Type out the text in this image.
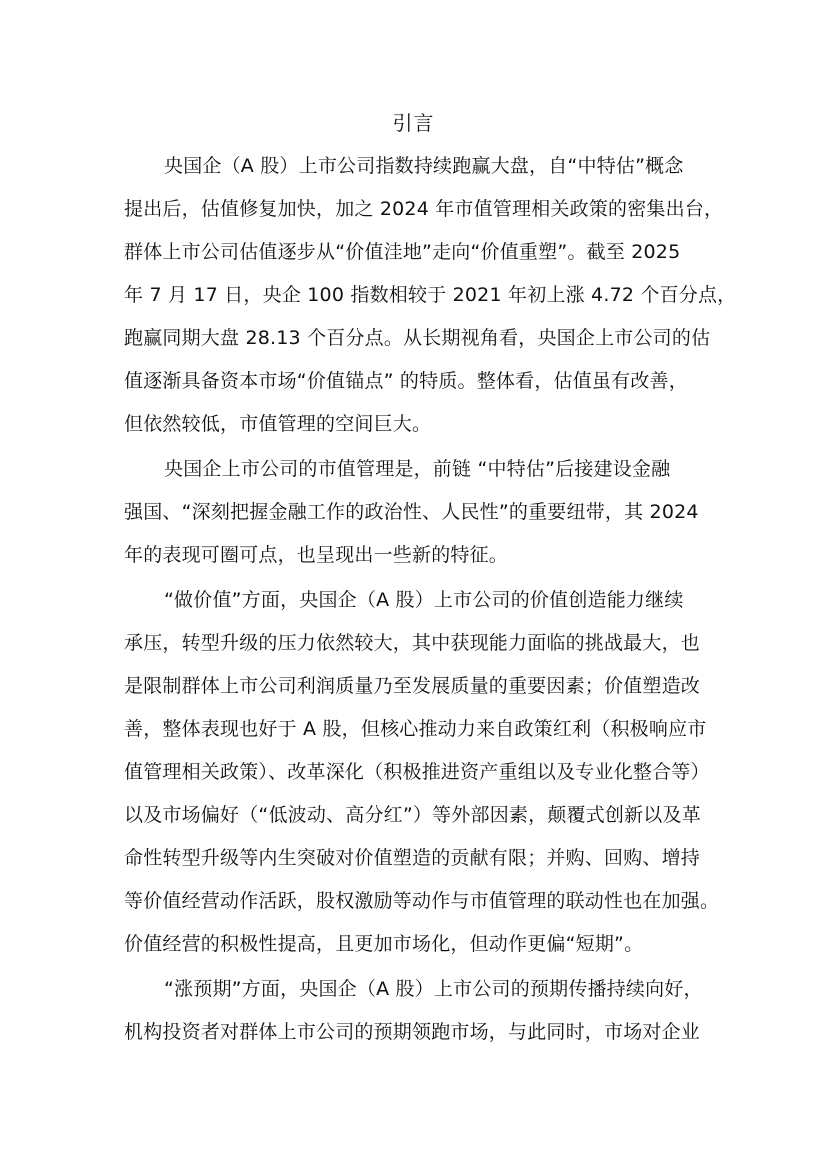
引言
央国企（A 股）上市公司指数持续跑赢大盘，自“中特估”概念
提出后，估值修复加快，加之 2024 年市值管理相关政策的密集出台，
群体上市公司估值逐步从“价值洼地”走向“价值重塑”。截至 2025
年 7 月 17 日，央企 100 指数相较于 2021 年初上涨 4.72 个百分点，
跑赢同期大盘 28.13 个百分点。从长期视角看，央国企上市公司的估
值逐渐具备资本市场“价值锚点” 的特质。整体看，估值虽有改善，
但依然较低，市值管理的空间巨大。
央国企上市公司的市值管理是，前链 “中特估”后接建设金融
强国、“深刻把握金融工作的政治性、人民性”的重要纽带，其 2024
年的表现可圈可点，也呈现出一些新的特征。
“做价值”方面，央国企（A 股）上市公司的价值创造能力继续
承压，转型升级的压力依然较大，其中获现能力面临的挑战最大，也
是限制群体上市公司利润质量乃至发展质量的重要因素；价值塑造改
善，整体表现也好于 A 股，但核心推动力来自政策红利（积极响应市
值管理相关政策）、改革深化（积极推进资产重组以及专业化整合等）
以及市场偏好（“低波动、高分红”）等外部因素，颠覆式创新以及革
命性转型升级等内生突破对价值塑造的贡献有限；并购、回购、增持
等价值经营动作活跃，股权激励等动作与市值管理的联动性也在加强。
价值经营的积极性提高，且更加市场化，但动作更偏“短期”。
“涨预期”方面，央国企（A 股）上市公司的预期传播持续向好，
机构投资者对群体上市公司的预期领跑市场，与此同时，市场对企业
